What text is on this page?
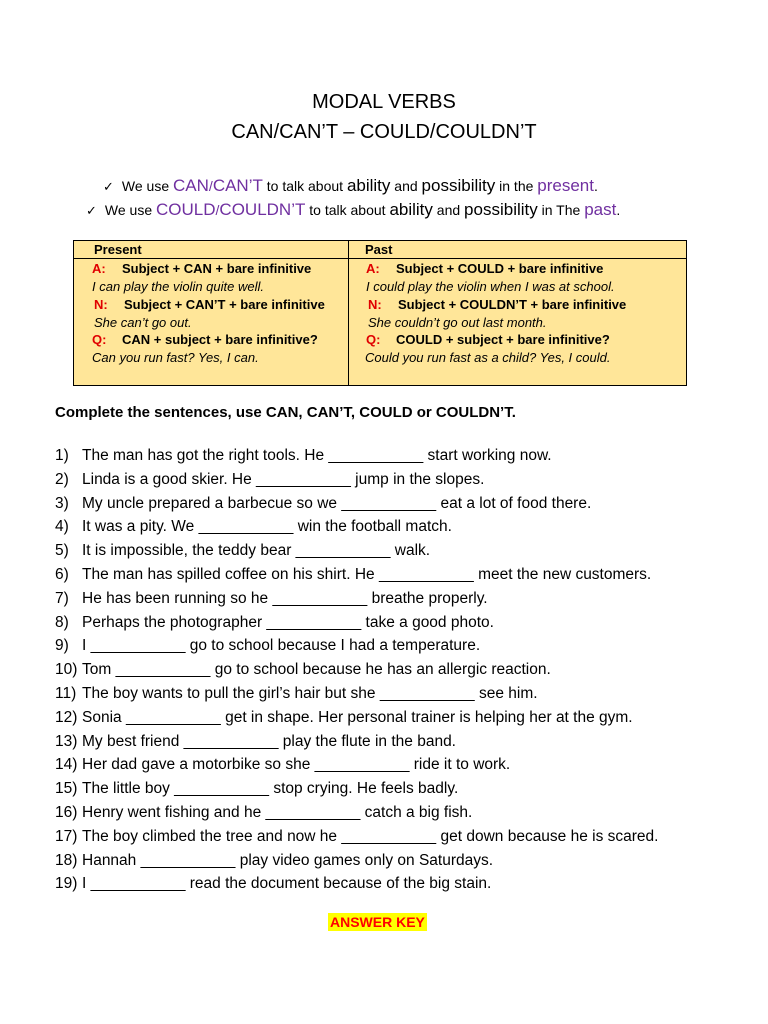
MODAL VERBS
CAN/CAN’T – COULD/COULDN’T
✓ We use CAN/CAN’T to talk about ability and possibility in the present.
✓ We use COULD/COULDN’T to talk about ability and possibility in The past.
Present
A: Subject + CAN + bare infinitive
I can play the violin quite well.
N: Subject + CAN’T + bare infinitive
She can’t go out.
Q: CAN + subject + bare infinitive?
Can you run fast? Yes, I can.
Past
A: Subject + COULD + bare infinitive
I could play the violin when I was at school.
N: Subject + COULDN’T + bare infinitive
She couldn’t go out last month.
Q: COULD + subject + bare infinitive?
Could you run fast as a child? Yes, I could.
Complete the sentences, use CAN, CAN’T, COULD or COULDN’T.
1) The man has got the right tools. He ___________ start working now.
2) Linda is a good skier. He ___________ jump in the slopes.
3) My uncle prepared a barbecue so we ___________ eat a lot of food there.
4) It was a pity. We ___________ win the football match.
5) It is impossible, the teddy bear ___________ walk.
6) The man has spilled coffee on his shirt. He ___________ meet the new customers.
7) He has been running so he ___________ breathe properly.
8) Perhaps the photographer ___________ take a good photo.
9) I ___________ go to school because I had a temperature.
10) Tom ___________ go to school because he has an allergic reaction.
11) The boy wants to pull the girl’s hair but she ___________ see him.
12) Sonia ___________ get in shape. Her personal trainer is helping her at the gym.
13) My best friend ___________ play the flute in the band.
14) Her dad gave a motorbike so she ___________ ride it to work.
15) The little boy ___________ stop crying. He feels badly.
16) Henry went fishing and he ___________ catch a big fish.
17) The boy climbed the tree and now he ___________ get down because he is scared.
18) Hannah ___________ play video games only on Saturdays.
19) I ___________ read the document because of the big stain.
ANSWER KEY
